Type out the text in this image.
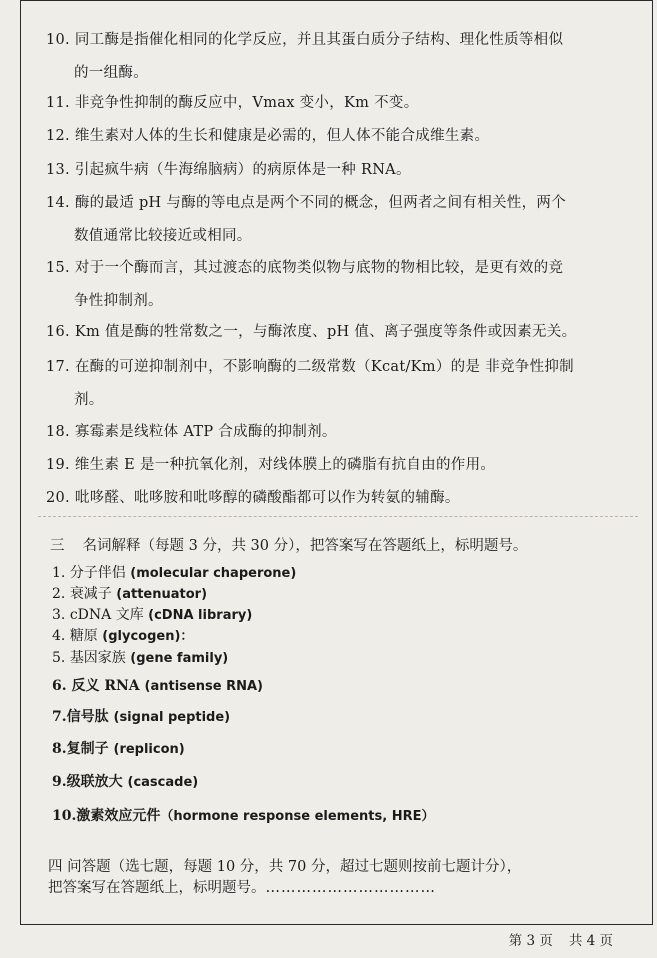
10. 同工酶是指催化相同的化学反应，并且其蛋白质分子结构、理化性质等相似
的一组酶。
11. 非竞争性抑制的酶反应中，Vmax 变小，Km 不变。
12. 维生素对人体的生长和健康是必需的，但人体不能合成维生素。
13. 引起疯牛病（牛海绵脑病）的病原体是一种 RNA。
14. 酶的最适 pH 与酶的等电点是两个不同的概念，但两者之间有相关性，两个
数值通常比较接近或相同。
15. 对于一个酶而言，其过渡态的底物类似物与底物的物相比较，是更有效的竞
争性抑制剂。
16. Km 值是酶的牲常数之一，与酶浓度、pH 值、离子强度等条件或因素无关。
17. 在酶的可逆抑制剂中，不影响酶的二级常数（Kcat/Km）的是 非竞争性抑制
剂。
18. 寡霉素是线粒体 ATP 合成酶的抑制剂。
19. 维生素 E 是一种抗氧化剂，对线体膜上的磷脂有抗自由的作用。
20. 吡哆醛、吡哆胺和吡哆醇的磷酸酯都可以作为转氨的辅酶。
三 名词解释（每题 3 分，共 30 分），把答案写在答题纸上，标明题号。
1. 分子伴侣 (molecular chaperone)
2. 衰减子 (attenuator)
3. cDNA 文库 (cDNA library)
4. 糖原 (glycogen)：
5. 基因家族 (gene family)
6. 反义 RNA (antisense RNA)
7.信号肽 (signal peptide)
8.复制子 (replicon)
9.级联放大 (cascade)
10.激素效应元件（hormone response elements, HRE）
四 问答题（选七题，每题 10 分，共 70 分，超过七题则按前七题计分），
把答案写在答题纸上，标明题号。……………………………
第 3 页 共 4 页
